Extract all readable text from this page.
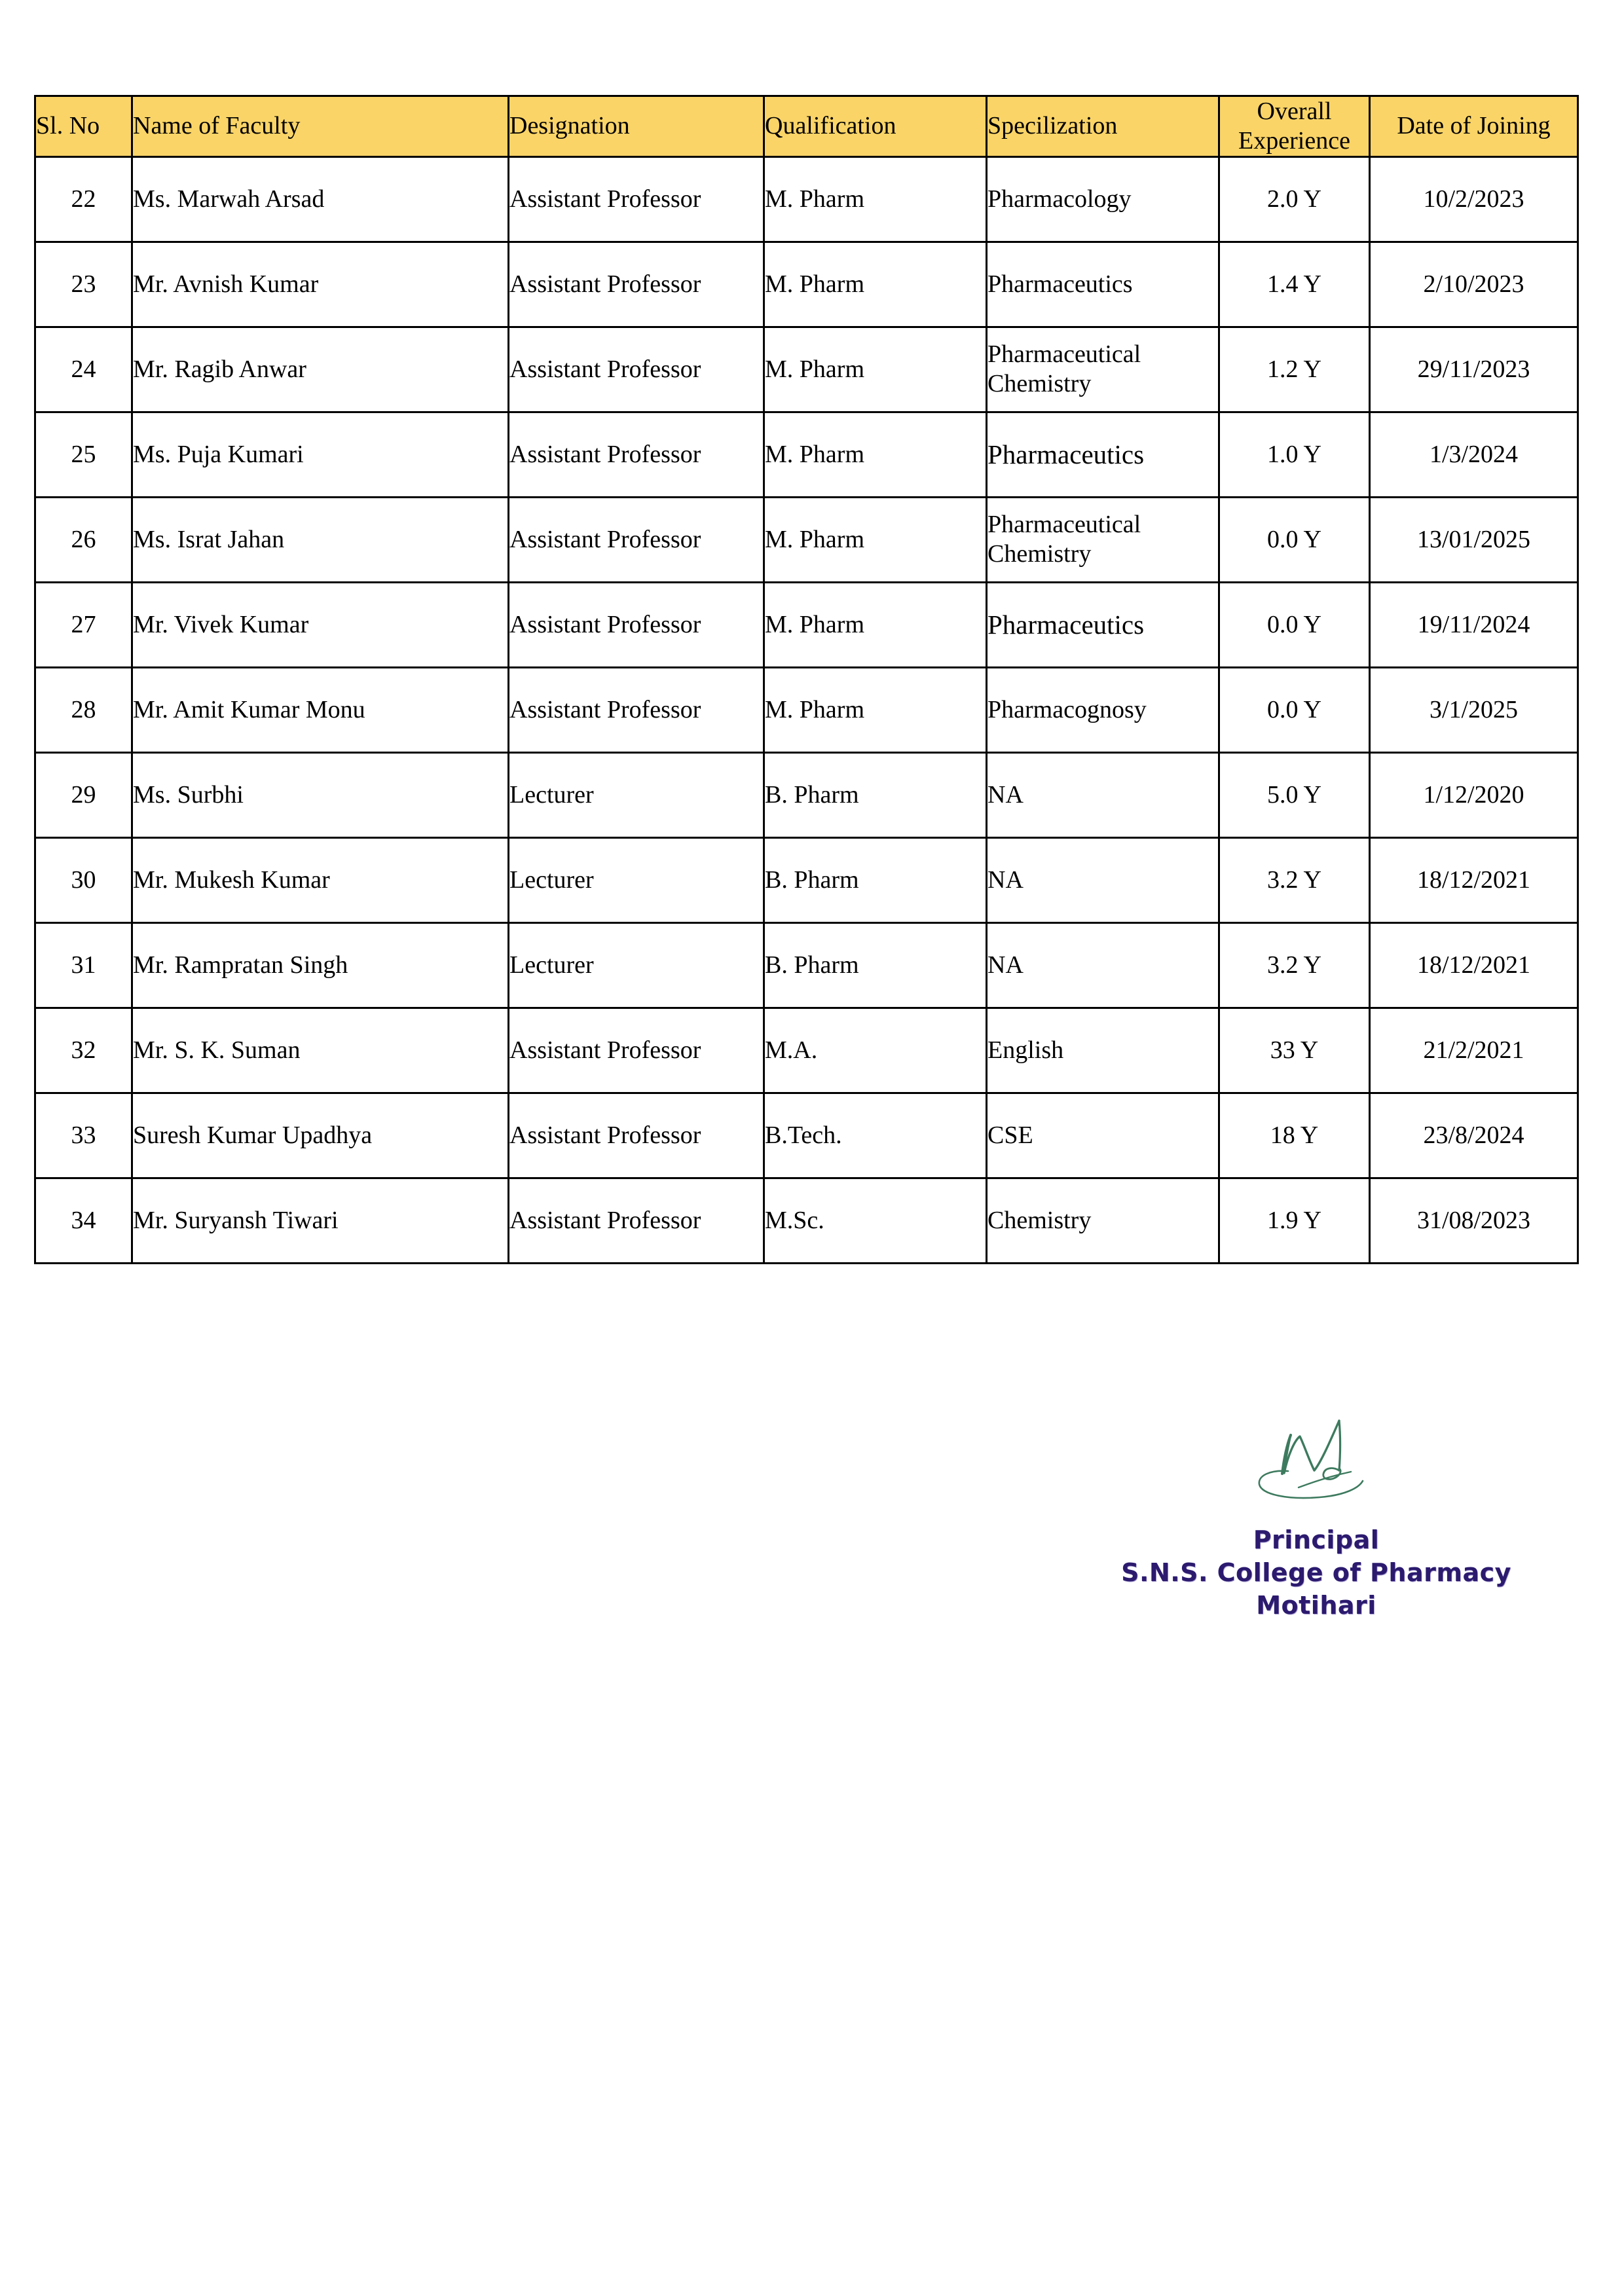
Sl. No	Name of Faculty	Designation	Qualification	Specilization	Overall Experience	Date of Joining
22	Ms. Marwah Arsad	Assistant Professor	M. Pharm	Pharmacology	2.0 Y	10/2/2023
23	Mr. Avnish Kumar	Assistant Professor	M. Pharm	Pharmaceutics	1.4 Y	2/10/2023
24	Mr. Ragib Anwar	Assistant Professor	M. Pharm	Pharmaceutical Chemistry	1.2 Y	29/11/2023
25	Ms. Puja Kumari	Assistant Professor	M. Pharm	Pharmaceutics	1.0 Y	1/3/2024
26	Ms. Israt Jahan	Assistant Professor	M. Pharm	Pharmaceutical Chemistry	0.0 Y	13/01/2025
27	Mr. Vivek Kumar	Assistant Professor	M. Pharm	Pharmaceutics	0.0 Y	19/11/2024
28	Mr. Amit Kumar Monu	Assistant Professor	M. Pharm	Pharmacognosy	0.0 Y	3/1/2025
29	Ms. Surbhi	Lecturer	B. Pharm	NA	5.0 Y	1/12/2020
30	Mr. Mukesh Kumar	Lecturer	B. Pharm	NA	3.2 Y	18/12/2021
31	Mr. Rampratan Singh	Lecturer	B. Pharm	NA	3.2 Y	18/12/2021
32	Mr. S. K. Suman	Assistant Professor	M.A.	English	33 Y	21/2/2021
33	Suresh Kumar Upadhya	Assistant Professor	B.Tech.	CSE	18 Y	23/8/2024
34	Mr. Suryansh Tiwari	Assistant Professor	M.Sc.	Chemistry	1.9 Y	31/08/2023
Principal
S.N.S. College of Pharmacy
Motihari
